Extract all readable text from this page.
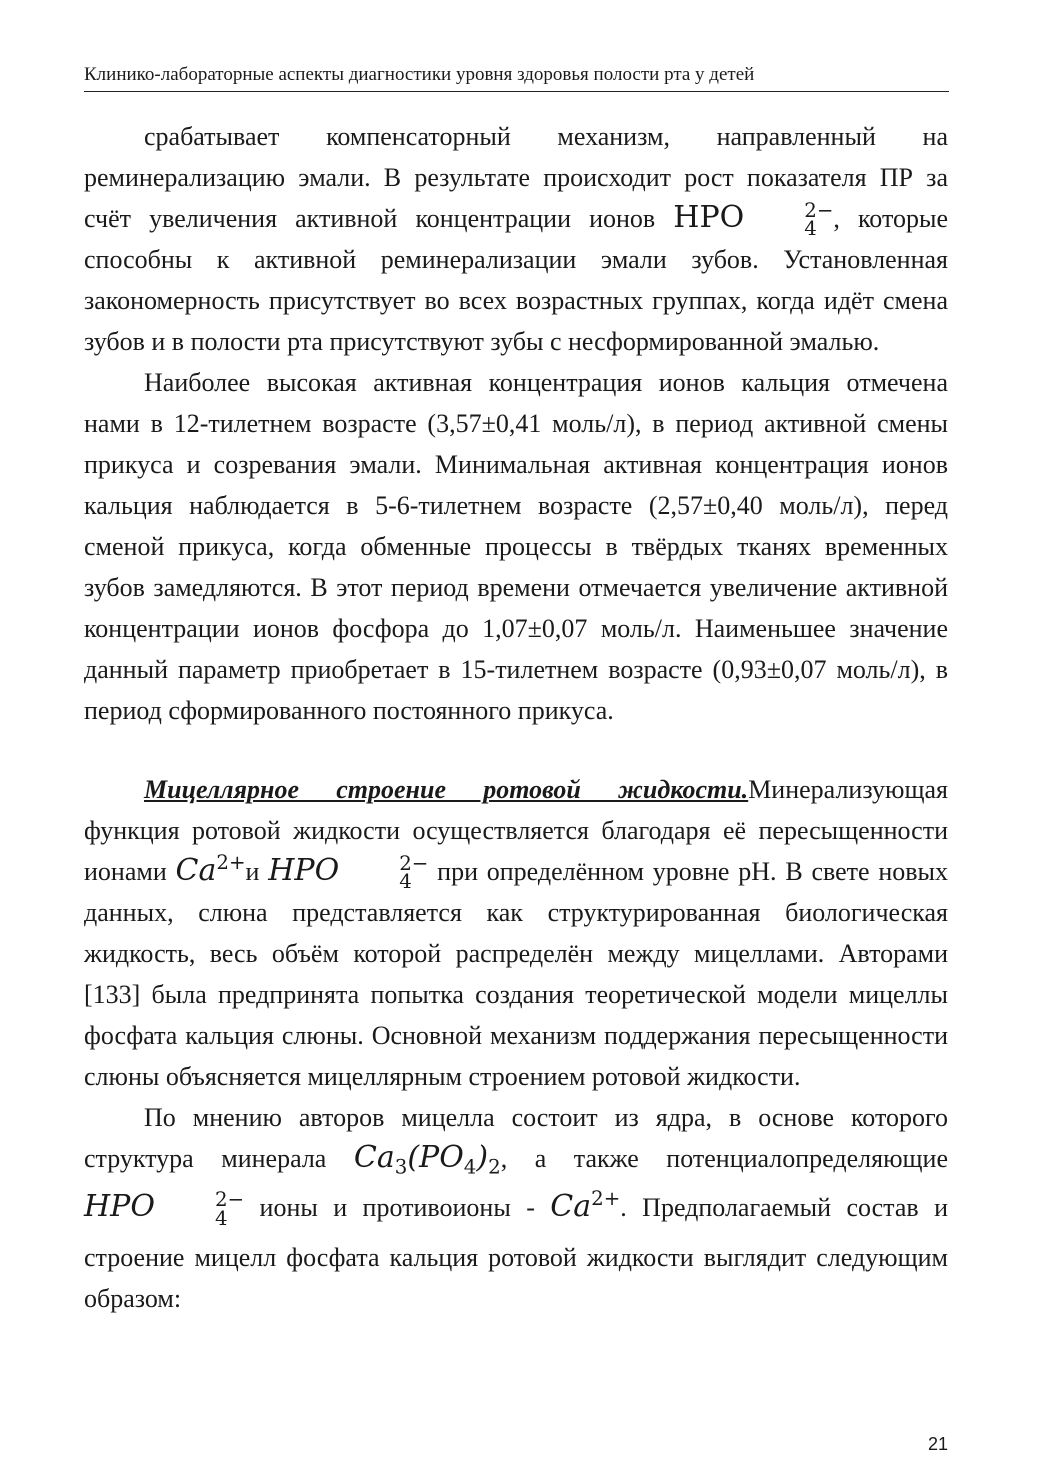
Клинико-лабораторные аспекты диагностики уровня здоровья полости рта у детей

срабатывает компенсаторный механизм, направленный на реминерализацию эмали. В результате происходит рост показателя ПР за счёт увеличения активной концентрации ионов HPO	2−
4 , которые способны к активной реминерализации эмали зубов. Установленная закономерность присутствует во всех возрастных группах, когда идёт смена зубов и в полости рта присутствуют зубы с несформированной эмалью.

Наиболее высокая активная концентрация ионов кальция отмечена нами в 12-тилетнем возрасте (3,57±0,41 моль/л), в период активной смены прикуса и созревания эмали. Минимальная активная концентрация ионов кальция наблюдается в 5-6-тилетнем возрасте (2,57±0,40 моль/л), перед сменой прикуса, когда обменные процессы в твёрдых тканях временных зубов замедляются. В этот период времени отмечается увеличение активной концентрации ионов фосфора до 1,07±0,07 моль/л. Наименьшее значение данный параметр приобретает в 15-тилетнем возрасте (0,93±0,07 моль/л), в период сформированного постоянного прикуса.

Мицеллярное строение ротовой жидкости.Минерализующая функция ротовой жидкости осуществляется благодаря её пересыщенности ионами $Ca^{2+}и$ HPO	2−
4 при определённом уровне pH. В свете новых данных, слюна представляется как структурированная биологическая жидкость, весь объём которой распределён между мицеллами. Авторами [133] была предпринята попытка создания теоретической модели мицеллы фосфата кальция слюны. Основной механизм поддержания пересыщенности слюны объясняется мицеллярным строением ротовой жидкости.

По мнению авторов мицелла состоит из ядра, в основе которого структура минерала $Ca_3(PO_4)_2$, а также потенциалопределяющие HPO	2−
4	ионы и противоионы - $Ca^{2+}$. Предполагаемый состав и строение мицелл фосфата кальция ротовой жидкости выглядит следующим образом:

21
